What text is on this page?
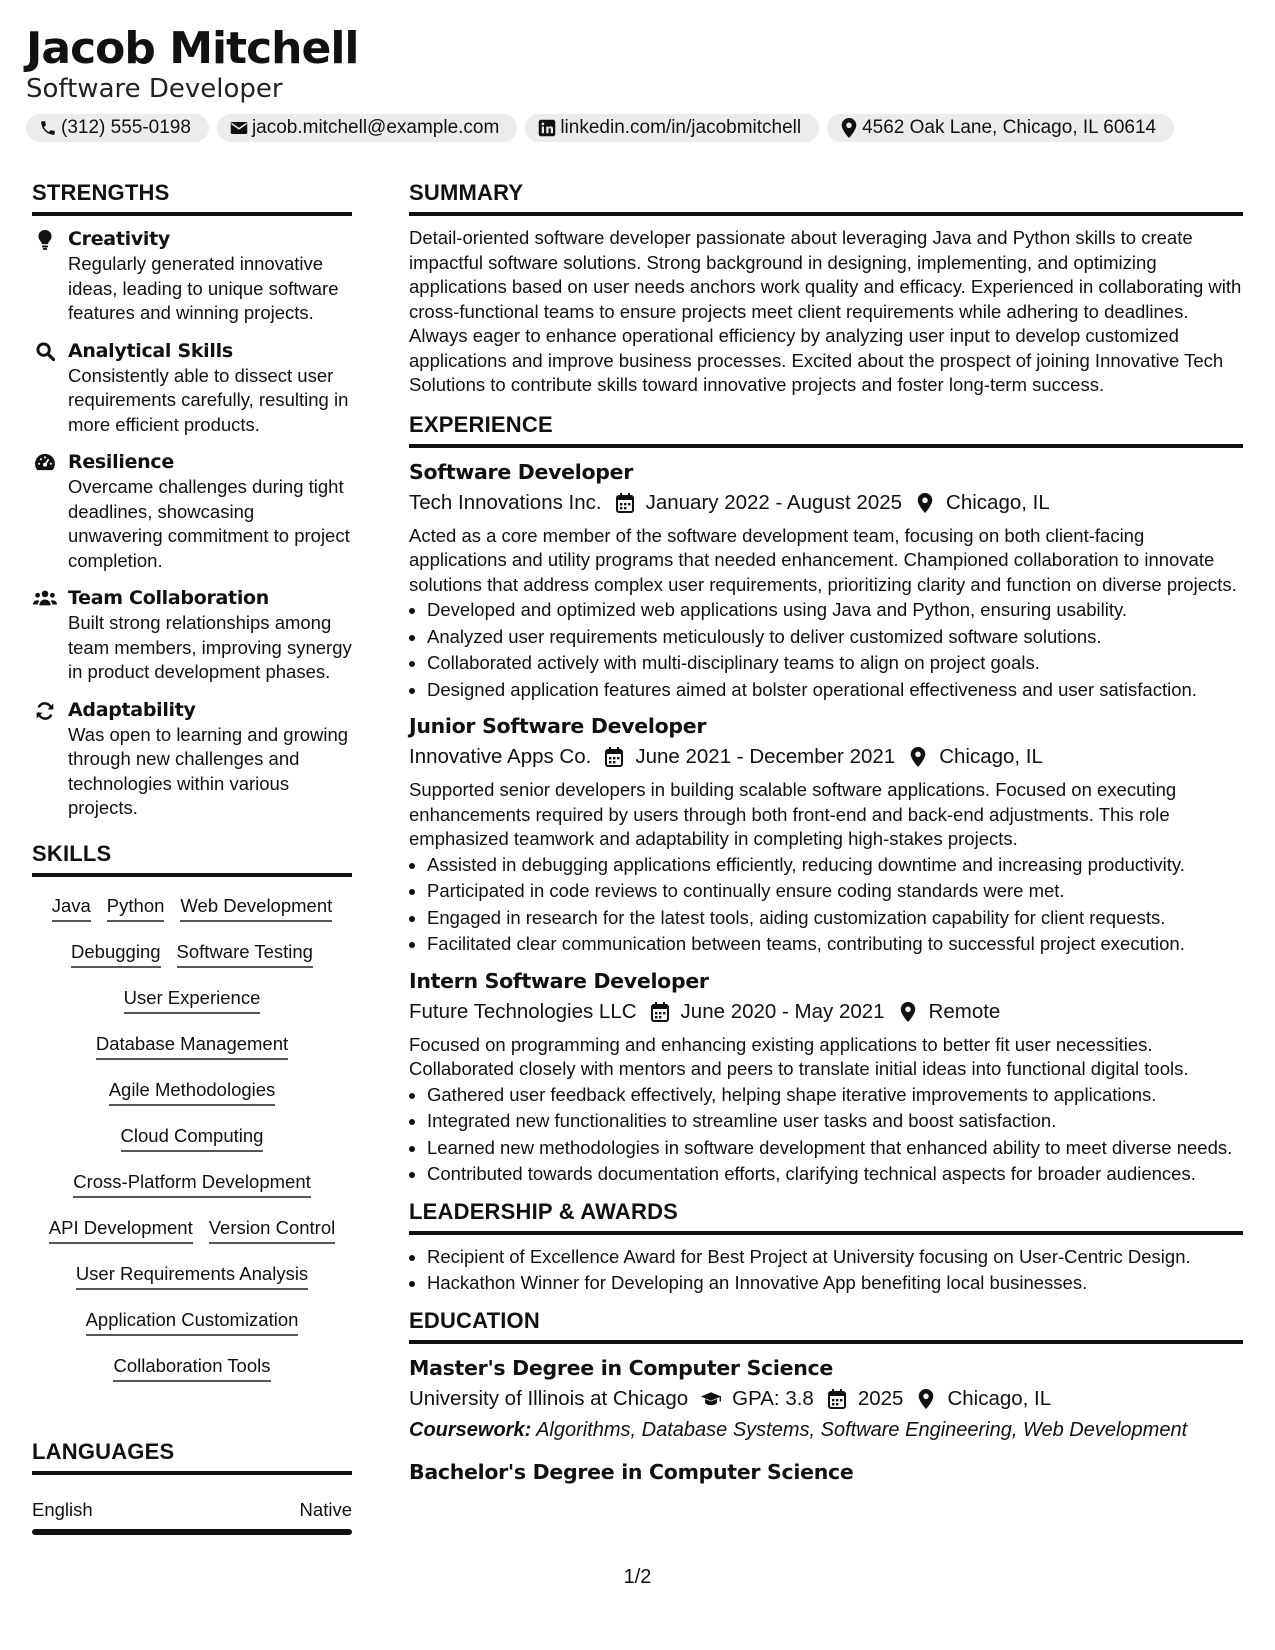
Jacob Mitchell
Software Developer
(312) 555-0198	jacob.mitchell@example.com	linkedin.com/in/jacobmitchell	4562 Oak Lane, Chicago, IL 60614
STRENGTHS
Creativity
Regularly generated innovative ideas, leading to unique software features and winning projects.
Analytical Skills
Consistently able to dissect user requirements carefully, resulting in more efficient products.
Resilience
Overcame challenges during tight deadlines, showcasing unwavering commitment to project completion.
Team Collaboration
Built strong relationships among team members, improving synergy in product development phases.
Adaptability
Was open to learning and growing through new challenges and technologies within various projects.
SKILLS
Java Python Web Development
Debugging Software Testing
User Experience
Database Management
Agile Methodologies
Cloud Computing
Cross-Platform Development
API Development Version Control
User Requirements Analysis
Application Customization
Collaboration Tools
LANGUAGES
English	Native
SUMMARY

Detail-oriented software developer passionate about leveraging Java and Python skills to create impactful software solutions. Strong background in designing, implementing, and optimizing applications based on user needs anchors work quality and efficacy. Experienced in collaborating with cross-functional teams to ensure projects meet client requirements while adhering to deadlines. Always eager to enhance operational efficiency by analyzing user input to develop customized applications and improve business processes. Excited about the prospect of joining Innovative Tech Solutions to contribute skills toward innovative projects and foster long-term success.

EXPERIENCE
Software Developer
Tech Innovations Inc. January 2022 - August 2025 Chicago, IL

Acted as a core member of the software development team, focusing on both client-facing applications and utility programs that needed enhancement. Championed collaboration to innovate solutions that address complex user requirements, prioritizing clarity and function on diverse projects.

• Developed and optimized web applications using Java and Python, ensuring usability.
• Analyzed user requirements meticulously to deliver customized software solutions.
• Collaborated actively with multi-disciplinary teams to align on project goals.
• Designed application features aimed at bolster operational effectiveness and user satisfaction.
Junior Software Developer
Innovative Apps Co. June 2021 - December 2021 Chicago, IL

Supported senior developers in building scalable software applications. Focused on executing enhancements required by users through both front-end and back-end adjustments. This role emphasized teamwork and adaptability in completing high-stakes projects.

• Assisted in debugging applications efficiently, reducing downtime and increasing productivity.
• Participated in code reviews to continually ensure coding standards were met.
• Engaged in research for the latest tools, aiding customization capability for client requests.
• Facilitated clear communication between teams, contributing to successful project execution.
Intern Software Developer
Future Technologies LLC June 2020 - May 2021 Remote

Focused on programming and enhancing existing applications to better fit user necessities. Collaborated closely with mentors and peers to translate initial ideas into functional digital tools.

• Gathered user feedback effectively, helping shape iterative improvements to applications.
• Integrated new functionalities to streamline user tasks and boost satisfaction.
• Learned new methodologies in software development that enhanced ability to meet diverse needs.
• Contributed towards documentation efforts, clarifying technical aspects for broader audiences.
LEADERSHIP & AWARDS
• Recipient of Excellence Award for Best Project at University focusing on User-Centric Design.
• Hackathon Winner for Developing an Innovative App benefiting local businesses.
EDUCATION
Master's Degree in Computer Science
University of Illinois at Chicago GPA: 3.8 2025 Chicago, IL
Coursework: Algorithms, Database Systems, Software Engineering, Web Development
Bachelor's Degree in Computer Science
1/2
